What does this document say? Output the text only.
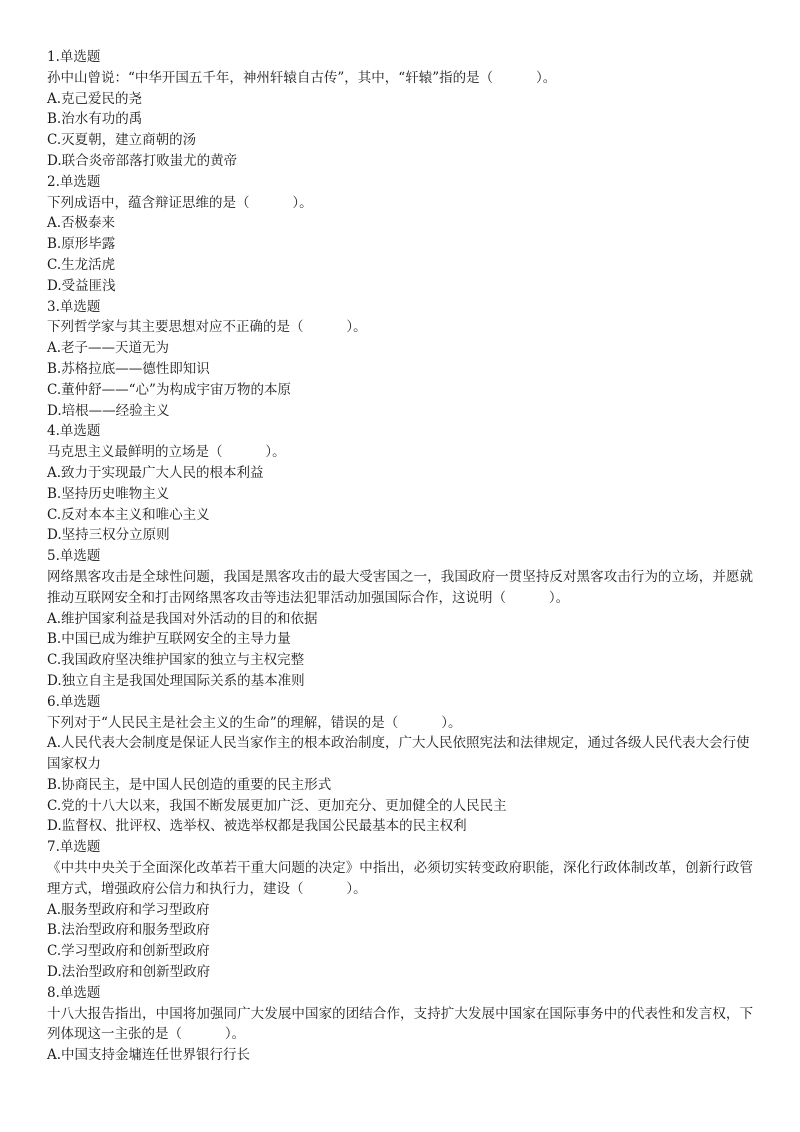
1.单选题

孙中山曾说：“中华开国五千年，神州轩辕自古传”，其中，“轩辕”指的是（          ）。

A.克己爱民的尧

B.治水有功的禹

C.灭夏朝，建立商朝的汤

D.联合炎帝部落打败蚩尤的黄帝

2.单选题

下列成语中，蕴含辩证思维的是（          ）。

A.否极泰来

B.原形毕露

C.生龙活虎

D.受益匪浅

3.单选题

下列哲学家与其主要思想对应不正确的是（          ）。

A.老子——天道无为

B.苏格拉底——德性即知识

C.董仲舒——“心”为构成宇宙万物的本原

D.培根——经验主义

4.单选题

马克思主义最鲜明的立场是（          ）。

A.致力于实现最广大人民的根本利益

B.坚持历史唯物主义

C.反对本本主义和唯心主义

D.坚持三权分立原则

5.单选题

网络黑客攻击是全球性问题，我国是黑客攻击的最大受害国之一，我国政府一贯坚持反对黑客攻击行为的立场，并愿就推动互联网安全和打击网络黑客攻击等违法犯罪活动加强国际合作，这说明（          ）。

A.维护国家利益是我国对外活动的目的和依据

B.中国已成为维护互联网安全的主导力量

C.我国政府坚决维护国家的独立与主权完整

D.独立自主是我国处理国际关系的基本准则

6.单选题

下列对于“人民民主是社会主义的生命”的理解，错误的是（          ）。

A.人民代表大会制度是保证人民当家作主的根本政治制度，广大人民依照宪法和法律规定，通过各级人民代表大会行使国家权力

B.协商民主，是中国人民创造的重要的民主形式

C.党的十八大以来，我国不断发展更加广泛、更加充分、更加健全的人民民主

D.监督权、批评权、选举权、被选举权都是我国公民最基本的民主权利

7.单选题

《中共中央关于全面深化改革若干重大问题的决定》中指出，必须切实转变政府职能，深化行政体制改革，创新行政管理方式，增强政府公信力和执行力，建设（          ）。

A.服务型政府和学习型政府

B.法治型政府和服务型政府

C.学习型政府和创新型政府

D.法治型政府和创新型政府

8.单选题

十八大报告指出，中国将加强同广大发展中国家的团结合作，支持扩大发展中国家在国际事务中的代表性和发言权，下列体现这一主张的是（          ）。

A.中国支持金墉连任世界银行行长
